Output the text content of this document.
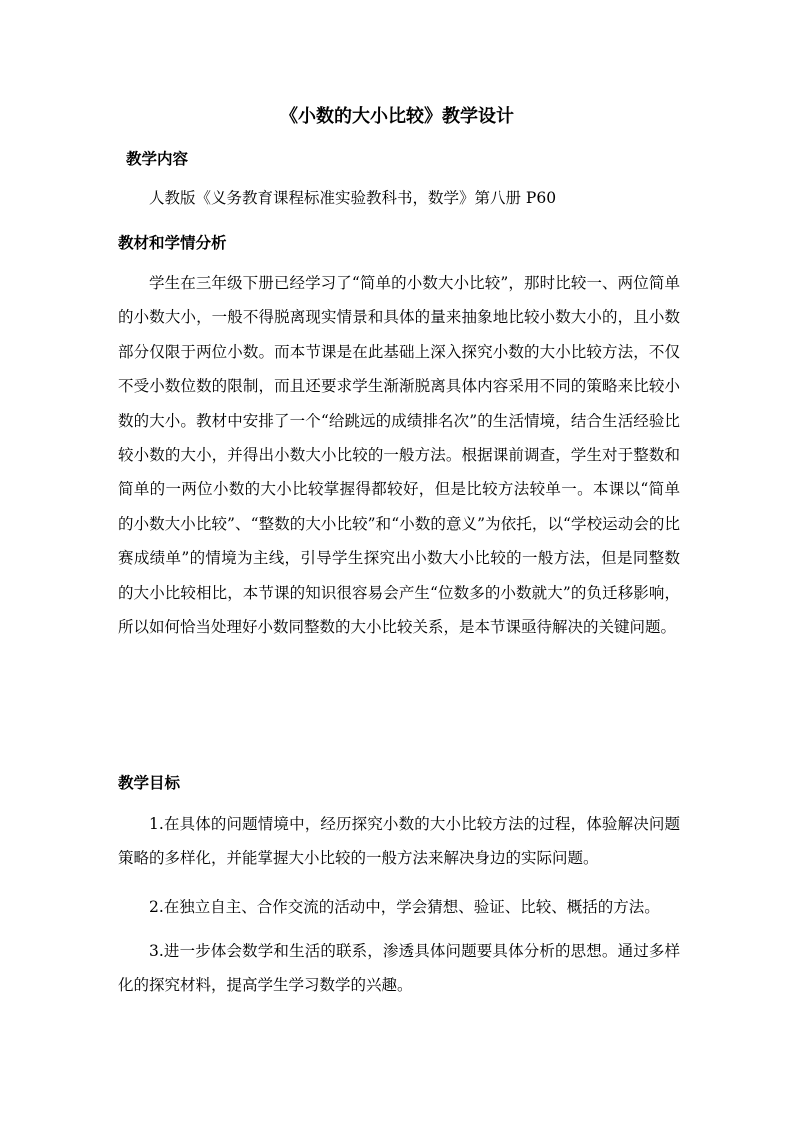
《小数的大小比较》教学设计
教学内容

人教版《义务教育课程标准实验教科书，数学》第八册 P60

教材和学情分析

学生在三年级下册已经学习了“简单的小数大小比较”，那时比较一、两位简单的小数大小，一般不得脱离现实情景和具体的量来抽象地比较小数大小的，且小数部分仅限于两位小数。而本节课是在此基础上深入探究小数的大小比较方法，不仅不受小数位数的限制，而且还要求学生渐渐脱离具体内容采用不同的策略来比较小数的大小。教材中安排了一个“给跳远的成绩排名次”的生活情境，结合生活经验比较小数的大小，并得出小数大小比较的一般方法。根据课前调查，学生对于整数和简单的一两位小数的大小比较掌握得都较好，但是比较方法较单一。本课以“简单的小数大小比较”、“整数的大小比较”和“小数的意义”为依托，以“学校运动会的比赛成绩单”的情境为主线，引导学生探究出小数大小比较的一般方法，但是同整数的大小比较相比，本节课的知识很容易会产生“位数多的小数就大”的负迁移影响，所以如何恰当处理好小数同整数的大小比较关系，是本节课亟待解决的关键问题。

教学目标

1.在具体的问题情境中，经历探究小数的大小比较方法的过程，体验解决问题策略的多样化，并能掌握大小比较的一般方法来解决身边的实际问题。

2.在独立自主、合作交流的活动中，学会猜想、验证、比较、概括的方法。

3.进一步体会数学和生活的联系，渗透具体问题要具体分析的思想。通过多样化的探究材料，提高学生学习数学的兴趣。
